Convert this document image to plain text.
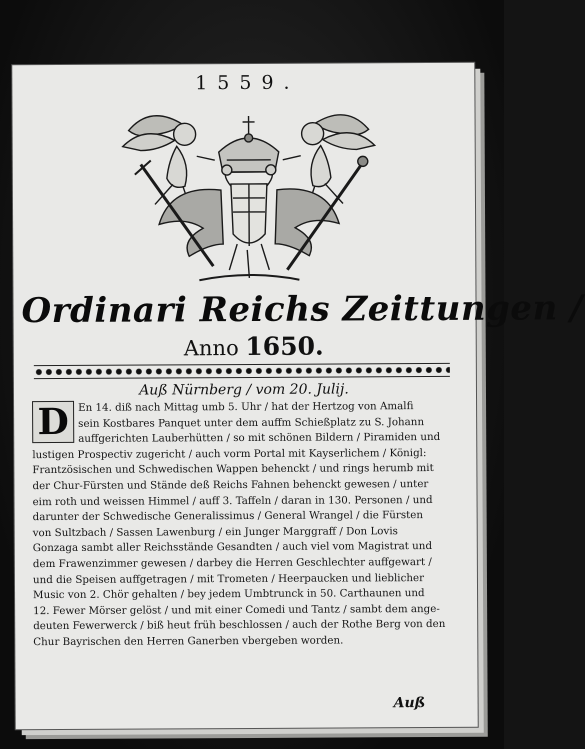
1559.
Ordinari Reichs Zeittungen /
Anno 1650.
Auß Nürnberg / vom 20. Julij.
D En 14. diß nach Mittag umb 5. Uhr / hat der Hertzog von Amalfi
sein Kostbares Panquet unter dem auffm Schießplatz zu S. Johann
auffgerichten Lauberhütten / so mit schönen Bildern / Piramiden und
lustigen Prospectiv zugericht / auch vorm Portal mit Kayserlichem / Königl:
Frantzösischen und Schwedischen Wappen behenckt / und rings herumb mit
der Chur-Fürsten und Stände deß Reichs Fahnen behenckt gewesen / unter
eim roth und weissen Himmel / auff 3. Taffeln / daran in 130. Personen / und
darunter der Schwedische Generalissimus / General Wrangel / die Fürsten
von Sultzbach / Sassen Lawenburg / ein Junger Marggraff / Don Lovis
Gonzaga sambt aller Reichsstände Gesandten / auch viel vom Magistrat und
dem Frawenzimmer gewesen / darbey die Herren Geschlechter auffgewart /
und die Speisen auffgetragen / mit Trometen / Heerpaucken und lieblicher
Music von 2. Chör gehalten / bey jedem Umbtrunck in 50. Carthaunen und
12. Fewer Mörser gelöst / und mit einer Comedi und Tantz / sambt dem ange-
deuten Fewerwerck / biß heut früh beschlossen / auch der Rothe Berg von den
Chur Bayrischen den Herren Ganerben vbergeben worden.
Auß
